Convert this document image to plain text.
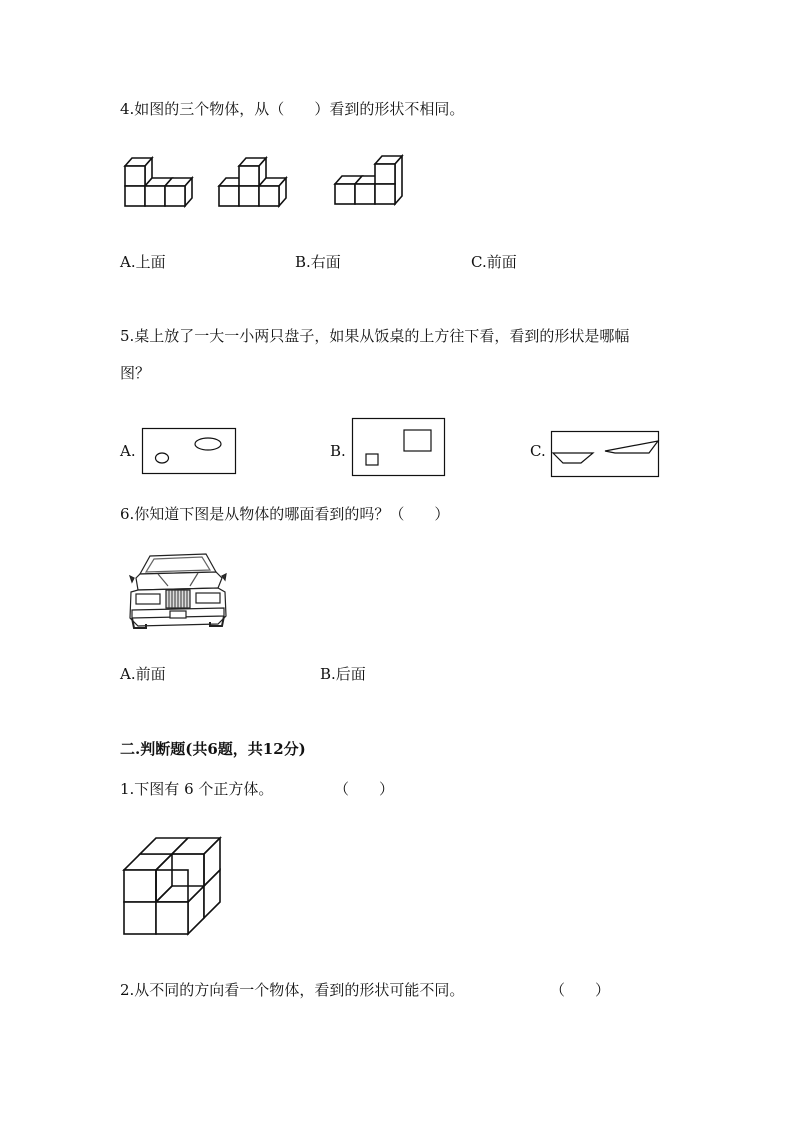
4.如图的三个物体，从（　　）看到的形状不相同。
A.上面	B.右面	C.前面
5.桌上放了一大一小两只盘子，如果从饭桌的上方往下看，看到的形状是哪幅
图？
A.	B.	C.
6.你知道下图是从物体的哪面看到的吗？（　　）
A.前面	B.后面
二.判断题(共6题，共12分)
1.下图有 6 个正方体。	（　　）
2.从不同的方向看一个物体，看到的形状可能不同。	（　　）
